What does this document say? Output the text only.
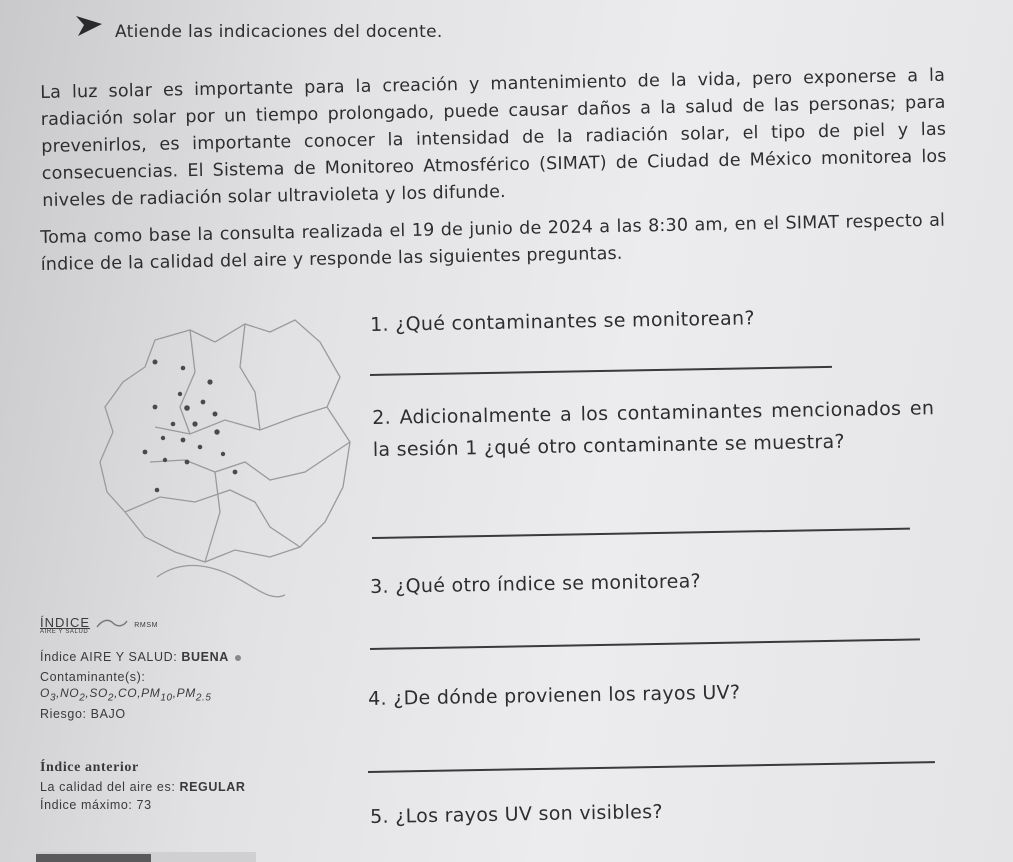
Atiende las indicaciones del docente.
La luz solar es importante para la creación y mantenimiento de la vida, pero exponerse a la radiación solar por un tiempo prolongado, puede causar daños a la salud de las personas; para prevenirlos, es importante conocer la intensidad de la radiación solar, el tipo de piel y las consecuencias. El Sistema de Monitoreo Atmosférico (SIMAT) de Ciudad de México monitorea los niveles de radiación solar ultravioleta y los difunde.
Toma como base la consulta realizada el 19 de junio de 2024 a las 8:30 am, en el SIMAT respecto al índice de la calidad del aire y responde las siguientes preguntas.
ÍNDICE	RMSM
AIRE Y SALUD
Índice AIRE Y SALUD: BUENA
Contaminante(s):
$O_3,NO_2,SO_2,CO,PM_{10},PM_{2.5}$
Riesgo: BAJO
Índice anterior
La calidad del aire es: REGULAR
Índice máximo: 73
1. ¿Qué contaminantes se monitorean?
2. Adicionalmente a los contaminantes mencionados en la sesión 1 ¿qué otro contaminante se muestra?
3. ¿Qué otro índice se monitorea?
4. ¿De dónde provienen los rayos UV?
5. ¿Los rayos UV son visibles?
